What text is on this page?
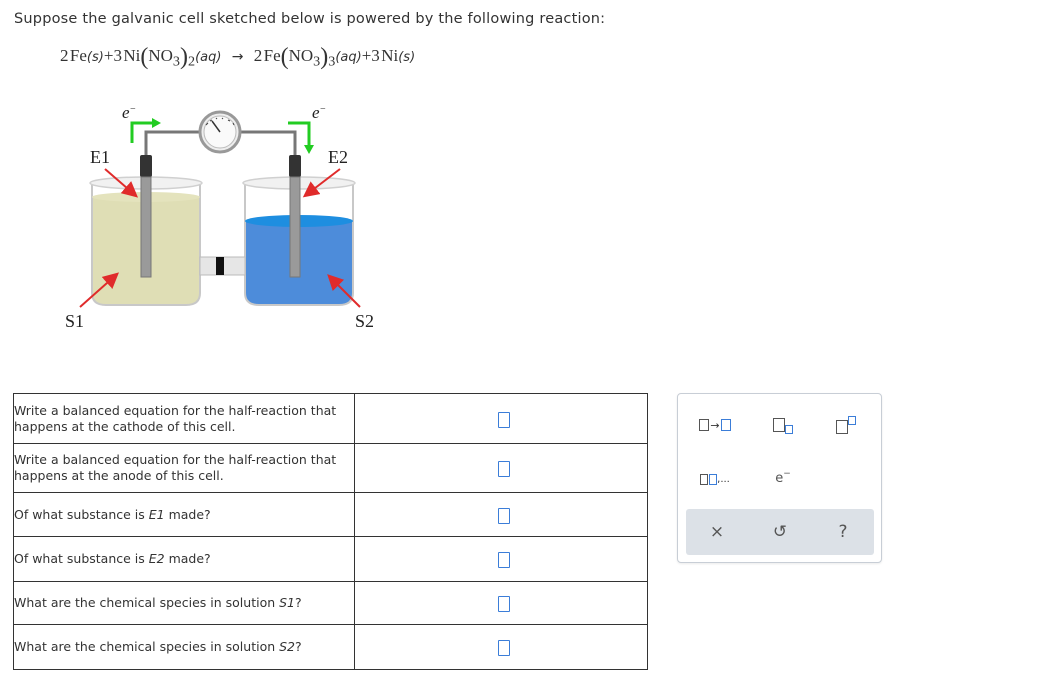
Suppose the galvanic cell sketched below is powered by the following reaction:
2 Fe(s)+3 $Ni(NO_3)_2(aq) \to 2$ $Fe(NO_3)_3(aq)+3$ Ni(s)
e−	e−
E1	E2
S1	S2
Write a balanced equation for the half-reaction that happens at the cathode of this cell.	
Write a balanced equation for the half-reaction that happens at the anode of this cell.	
Of what substance is E1 made?	
Of what substance is E2 made?	
What are the chemical species in solution S1?	
What are the chemical species in solution S2?	
→
,...	e−
×	↺	?
